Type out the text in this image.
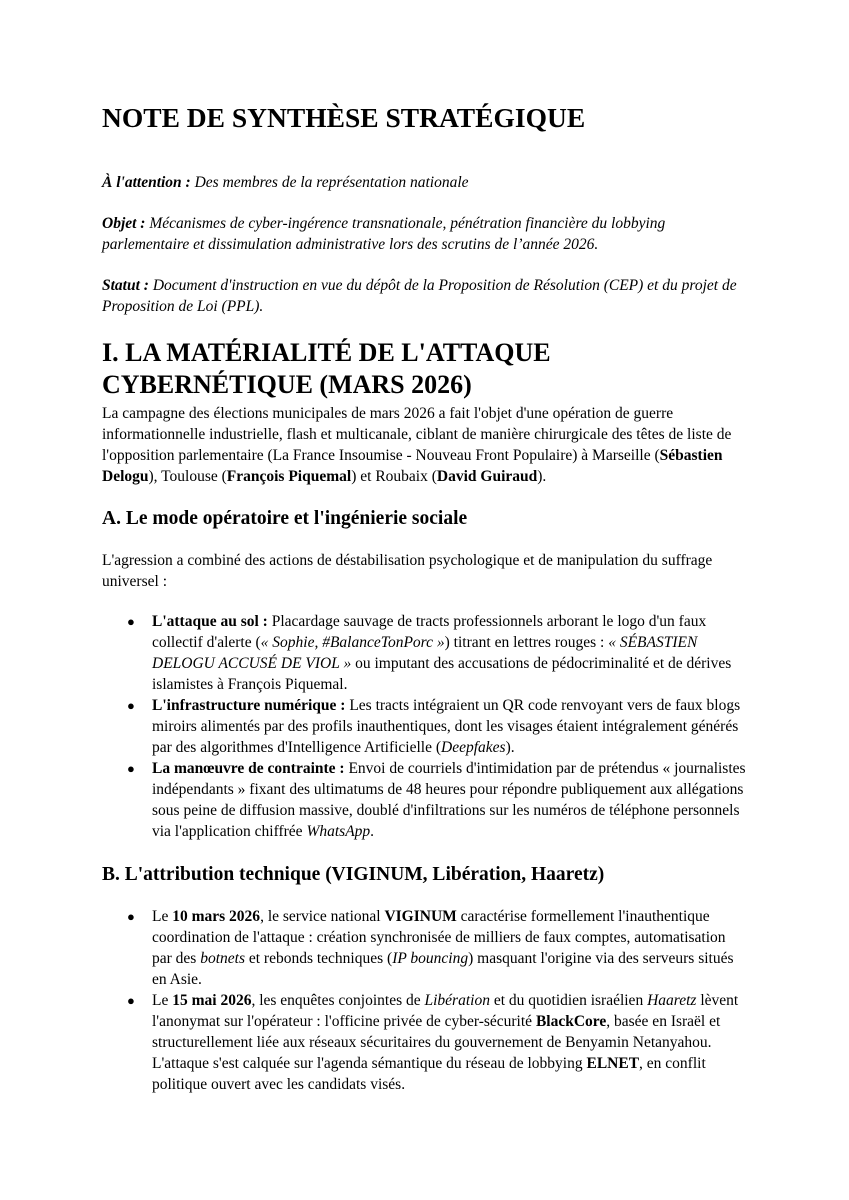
NOTE DE SYNTHÈSE STRATÉGIQUE

À l'attention : Des membres de la représentation nationale

Objet : Mécanismes de cyber-ingérence transnationale, pénétration financière du lobbying parlementaire et dissimulation administrative lors des scrutins de l’année 2026.

Statut : Document d'instruction en vue du dépôt de la Proposition de Résolution (CEP) et du projet de Proposition de Loi (PPL).

I. LA MATÉRIALITÉ DE L'ATTAQUE CYBERNÉTIQUE (MARS 2026)

La campagne des élections municipales de mars 2026 a fait l'objet d'une opération de guerre informationnelle industrielle, flash et multicanale, ciblant de manière chirurgicale des têtes de liste de l'opposition parlementaire (La France Insoumise - Nouveau Front Populaire) à Marseille (Sébastien Delogu), Toulouse (François Piquemal) et Roubaix (David Guiraud).

A. Le mode opératoire et l'ingénierie sociale

L'agression a combiné des actions de déstabilisation psychologique et de manipulation du suffrage universel :

● L'attaque au sol : Placardage sauvage de tracts professionnels arborant le logo d'un faux collectif d'alerte (« Sophie, #BalanceTonPorc ») titrant en lettres rouges : « SÉBASTIEN DELOGU ACCUSÉ DE VIOL » ou imputant des accusations de pédocriminalité et de dérives islamistes à François Piquemal.
● L'infrastructure numérique : Les tracts intégraient un QR code renvoyant vers de faux blogs miroirs alimentés par des profils inauthentiques, dont les visages étaient intégralement générés par des algorithmes d'Intelligence Artificielle (Deepfakes).
● La manœuvre de contrainte : Envoi de courriels d'intimidation par de prétendus « journalistes indépendants » fixant des ultimatums de 48 heures pour répondre publiquement aux allégations sous peine de diffusion massive, doublé d'infiltrations sur les numéros de téléphone personnels via l'application chiffrée WhatsApp.
B. L'attribution technique (VIGINUM, Libération, Haaretz)
● Le 10 mars 2026, le service national VIGINUM caractérise formellement l'inauthentique coordination de l'attaque : création synchronisée de milliers de faux comptes, automatisation par des botnets et rebonds techniques (IP bouncing) masquant l'origine via des serveurs situés en Asie.
● Le 15 mai 2026, les enquêtes conjointes de Libération et du quotidien israélien Haaretz lèvent l'anonymat sur l'opérateur : l'officine privée de cyber-sécurité BlackCore, basée en Israël et structurellement liée aux réseaux sécuritaires du gouvernement de Benyamin Netanyahou. L'attaque s'est calquée sur l'agenda sémantique du réseau de lobbying ELNET, en conflit politique ouvert avec les candidats visés.
